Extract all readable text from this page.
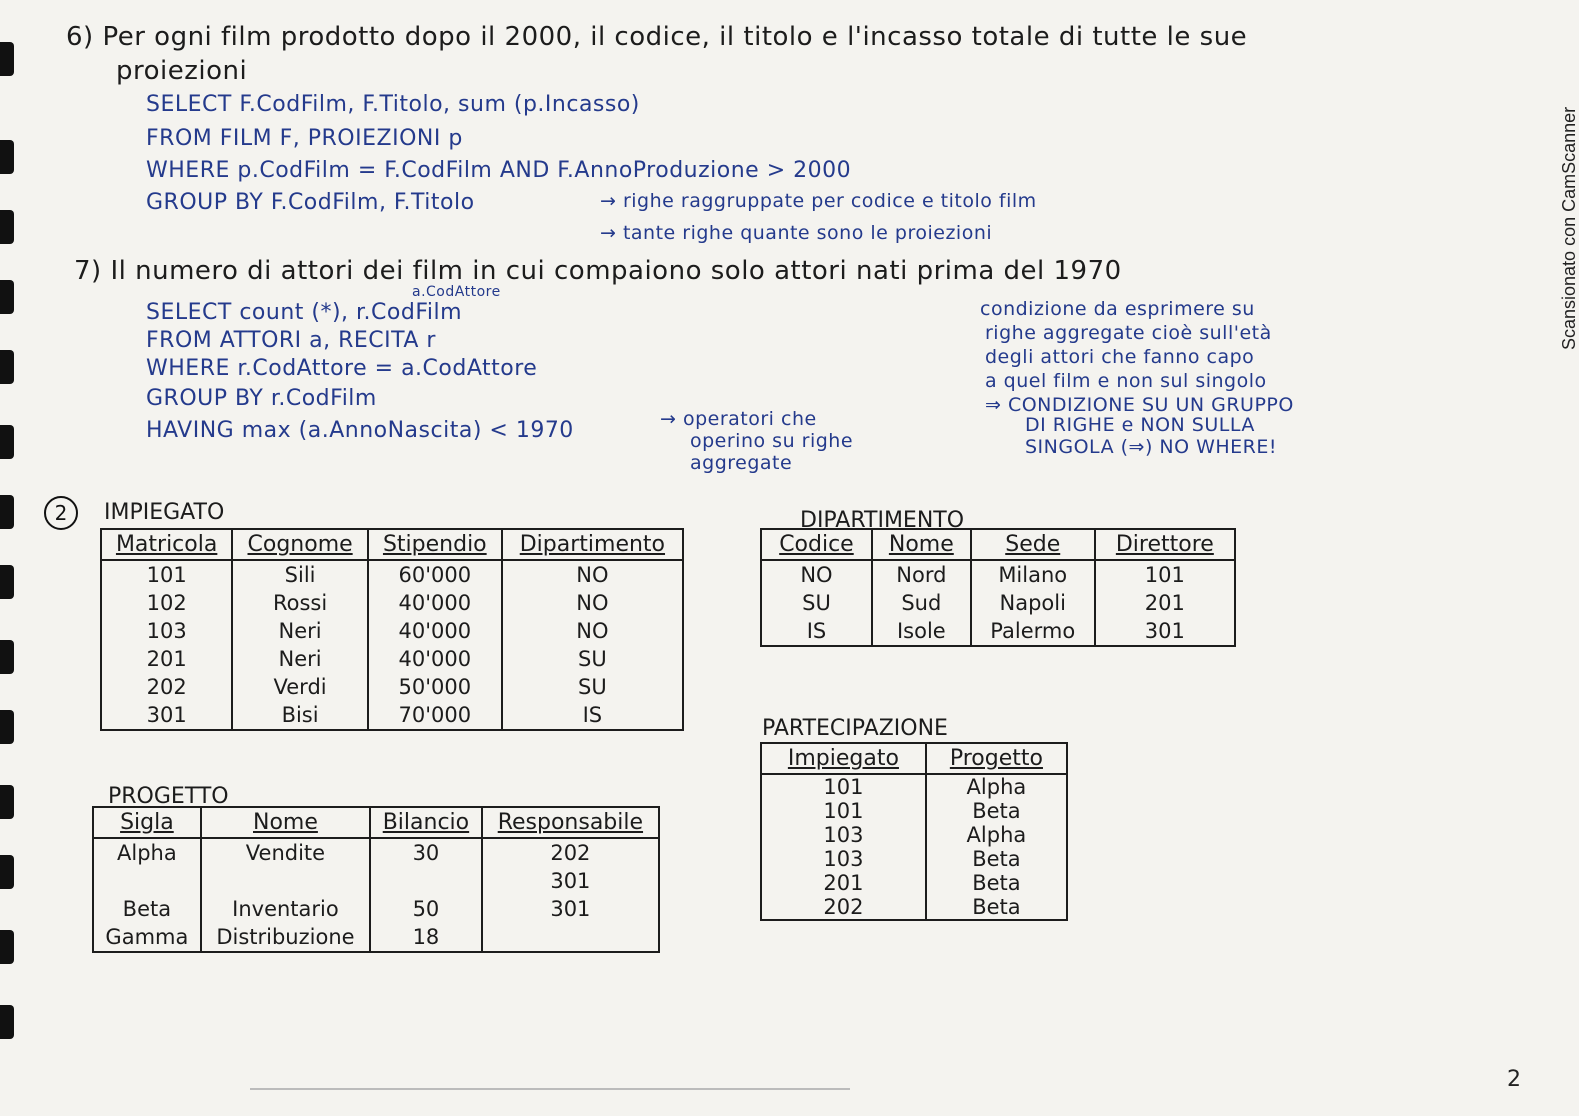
6) Per ogni film prodotto dopo il 2000, il codice, il titolo e l'incasso totale di tutte le sue
proiezioni
SELECT F.CodFilm, F.Titolo, sum (p.Incasso)
FROM FILM F, PROIEZIONI p
WHERE p.CodFilm = F.CodFilm AND F.AnnoProduzione > 2000
GROUP BY F.CodFilm, F.Titolo	→ righe raggruppate per codice e titolo film
→ tante righe quante sono le proiezioni
7) Il numero di attori dei film in cui compaiono solo attori nati prima del 1970
a.CodAttore
SELECT count (*), r.CodFilm
FROM ATTORI a, RECITA r
WHERE r.CodAttore = a.CodAttore
GROUP BY r.CodFilm
HAVING max (a.AnnoNascita) < 1970	→ operatori che
operino su righe
aggregate
condizione da esprimere su
righe aggregate cioè sull'età
degli attori che fanno capo
a quel film e non sul singolo
⇒ CONDIZIONE SU UN GRUPPO
DI RIGHE e NON SULLA
SINGOLA (⇒) NO WHERE!
2	IMPIEGATO
Matricola	Cognome	Stipendio	Dipartimento
101	Sili	60'000	NO
102	Rossi	40'000	NO
103	Neri	40'000	NO
201	Neri	40'000	SU
202	Verdi	50'000	SU
301	Bisi	70'000	IS
DIPARTIMENTO
Codice	Nome	Sede	Direttore
NO	Nord	Milano	101
SU	Sud	Napoli	201
IS	Isole	Palermo	301
PROGETTO
Sigla	Nome	Bilancio	Responsabile
Alpha	Vendite	30	202
			301
Beta	Inventario	50	301
Gamma	Distribuzione	18	
PARTECIPAZIONE
Impiegato	Progetto
101	Alpha
101	Beta
103	Alpha
103	Beta
201	Beta
202	Beta
Scansionato con CamScanner
2
